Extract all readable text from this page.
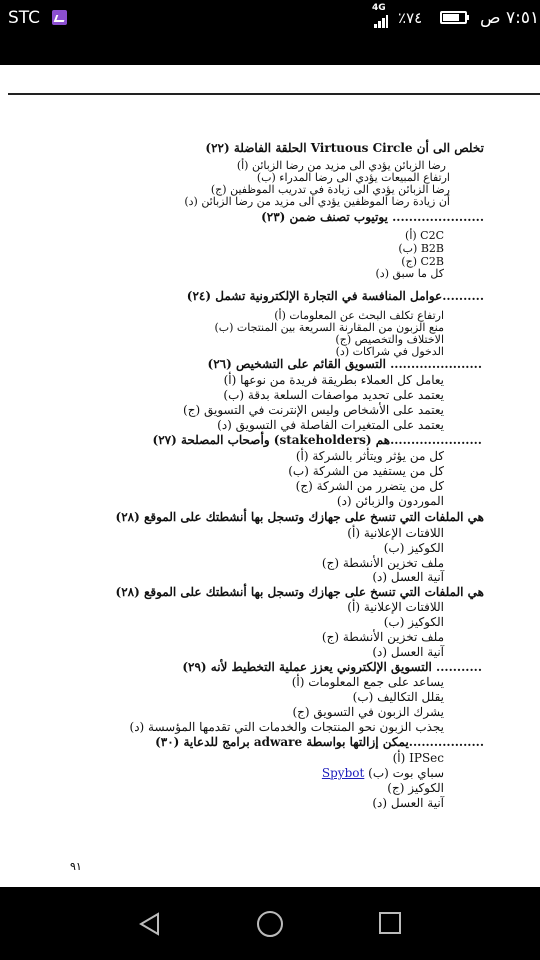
STC	4G
٪٧٤	٧:٥١ ص
(٢٢) الحلقة الفاضلة Virtuous Circle تخلص الى أن
(أ) رضا الزبائن يؤدي الى مزيد من رضا الزبائن
(ب) ارتفاع المبيعات يؤدي الى رضا المدراء
(ج) رضا الزبائن يؤدي الى زيادة في تدريب الموظفين
(د) أن زيادة رضا الموظفين يؤدي الى مزيد من رضا الزبائن
(٢٣) يوتيوب تصنف ضمن ......................
(أ) C2C
(ب) B2B
(ج) C2B
(د) كل ما سبق
(٢٤) عوامل المنافسة في التجارة الإلكترونية تشمل..........
(أ) ارتفاع تكلف البحث عن المعلومات
(ب) منع الزبون من المقارنة السريعة بين المنتجات
(ج) الاختلاف والتخصيص
(د) الدخول في شراكات
(٢٦) التسويق القائم على التشخيص ......................
(أ) يعامل كل العملاء بطريقة فريدة من نوعها
(ب) يعتمد على تحديد مواصفات السلعة بدقة
(ج) يعتمد على الأشخاص وليس الإنترنت في التسويق
(د) يعتمد على المتغيرات الفاصلة في التسويق
(٢٧) وأصحاب المصلحة (stakeholders) هم......................
(أ) كل من يؤثر ويتأثر بالشركة
(ب) كل من يستفيد من الشركة
(ج) كل من يتضرر من الشركة
(د) الموردون والزبائن
(٢٨) هي الملفات التي تنسخ على جهازك وتسجل بها أنشطتك على الموقع
(أ) اللافتات الإعلانية
(ب) الكوكيز
(ج) ملف تخزين الأنشطة
(د) آنية العسل
(٢٨) هي الملفات التي تنسخ على جهازك وتسجل بها أنشطتك على الموقع
(أ) اللافتات الإعلانية
(ب) الكوكيز
(ج) ملف تخزين الأنشطة
(د) آنية العسل
(٢٩) التسويق الإلكتروني يعزز عملية التخطيط لأنه ...........
(أ) يساعد على جمع المعلومات
(ب) يقلل التكاليف
(ج) يشرك الزبون في التسويق
(د) يجذب الزبون نحو المنتجات والخدمات التي تقدمها المؤسسة
(٣٠) برامج للدعاية adware يمكن إزالتها بواسطة..................
(أ) IPSec
Spybot (ب) سباي بوت
(ج) الكوكيز
(د) آنية العسل
٩١
